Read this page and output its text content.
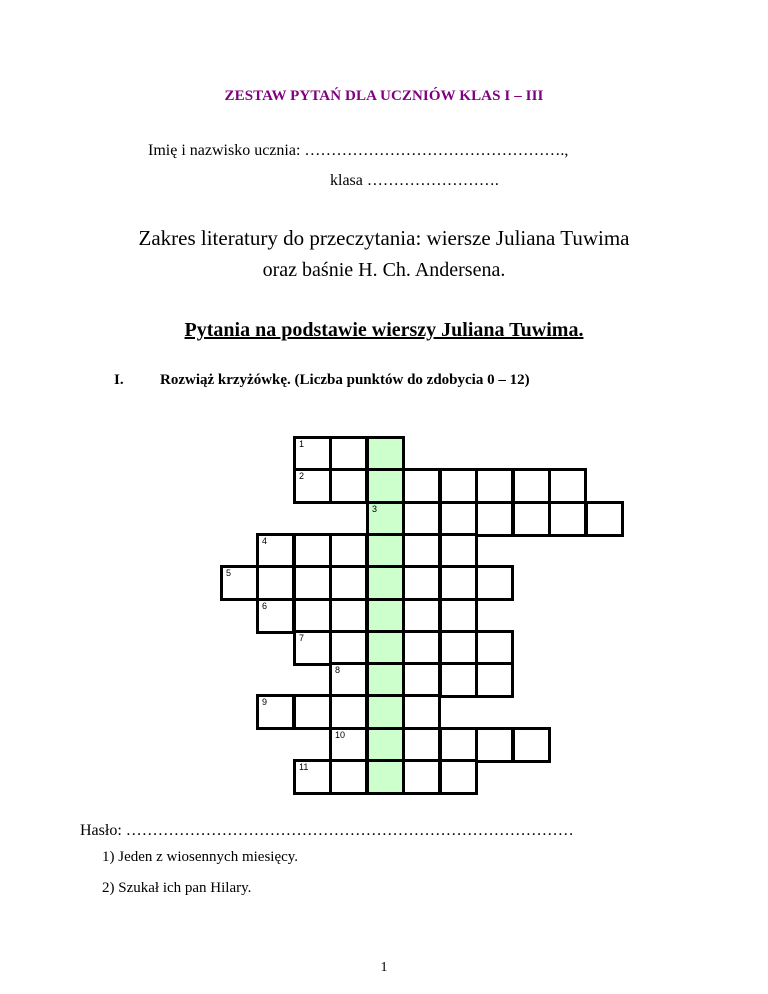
ZESTAW PYTAŃ DLA UCZNIÓW KLAS I – III
Imię i nazwisko ucznia: ………………………………………….,
klasa …………………….
Zakres literatury do przeczytania: wiersze Juliana Tuwima
oraz baśnie H. Ch. Andersena.
Pytania na podstawie wierszy Juliana Tuwima.
I. Rozwiąż krzyżówkę. (Liczba punktów do zdobycia 0 – 12)
1
2
3
4
5
6
7
8
9
10
11
Hasło: …………………………………………………………………………
1) Jeden z wiosennych miesięcy.
2) Szukał ich pan Hilary.
1
